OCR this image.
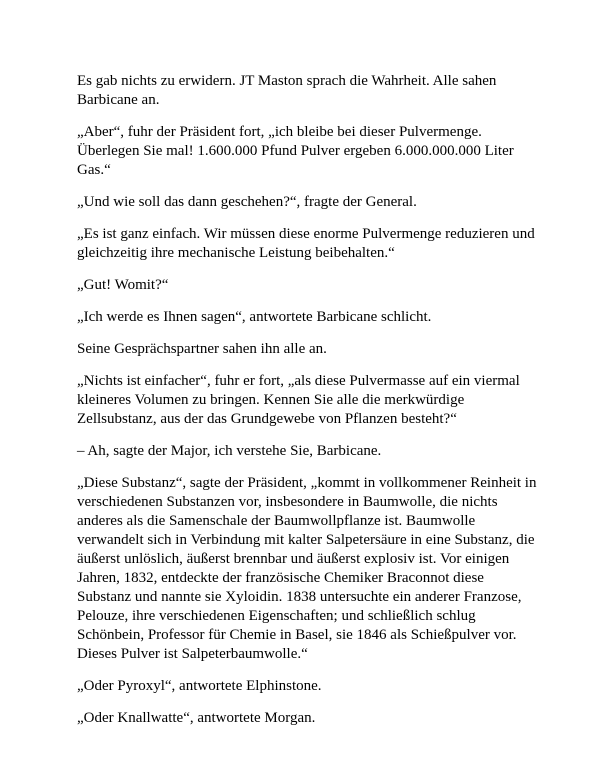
Es gab nichts zu erwidern. JT Maston sprach die Wahrheit. Alle sahen Barbicane an.

„Aber“, fuhr der Präsident fort, „ich bleibe bei dieser Pulvermenge. Überlegen Sie mal! 1.600.000 Pfund Pulver ergeben 6.000.000.000 Liter Gas.“

„Und wie soll das dann geschehen?“, fragte der General.

„Es ist ganz einfach. Wir müssen diese enorme Pulvermenge reduzieren und gleichzeitig ihre mechanische Leistung beibehalten.“

„Gut! Womit?“

„Ich werde es Ihnen sagen“, antwortete Barbicane schlicht.

Seine Gesprächspartner sahen ihn alle an.

„Nichts ist einfacher“, fuhr er fort, „als diese Pulvermasse auf ein viermal kleineres Volumen zu bringen. Kennen Sie alle die merkwürdige Zellsubstanz, aus der das Grundgewebe von Pflanzen besteht?“

– Ah, sagte der Major, ich verstehe Sie, Barbicane.

„Diese Substanz“, sagte der Präsident, „kommt in vollkommener Reinheit in verschiedenen Substanzen vor, insbesondere in Baumwolle, die nichts anderes als die Samenschale der Baumwollpflanze ist. Baumwolle verwandelt sich in Verbindung mit kalter Salpetersäure in eine Substanz, die äußerst unlöslich, äußerst brennbar und äußerst explosiv ist. Vor einigen Jahren, 1832, entdeckte der französische Chemiker Braconnot diese Substanz und nannte sie Xyloidin. 1838 untersuchte ein anderer Franzose, Pelouze, ihre verschiedenen Eigenschaften; und schließlich schlug Schönbein, Professor für Chemie in Basel, sie 1846 als Schießpulver vor. Dieses Pulver ist Salpeterbaumwolle.“

„Oder Pyroxyl“, antwortete Elphinstone.

„Oder Knallwatte“, antwortete Morgan.
